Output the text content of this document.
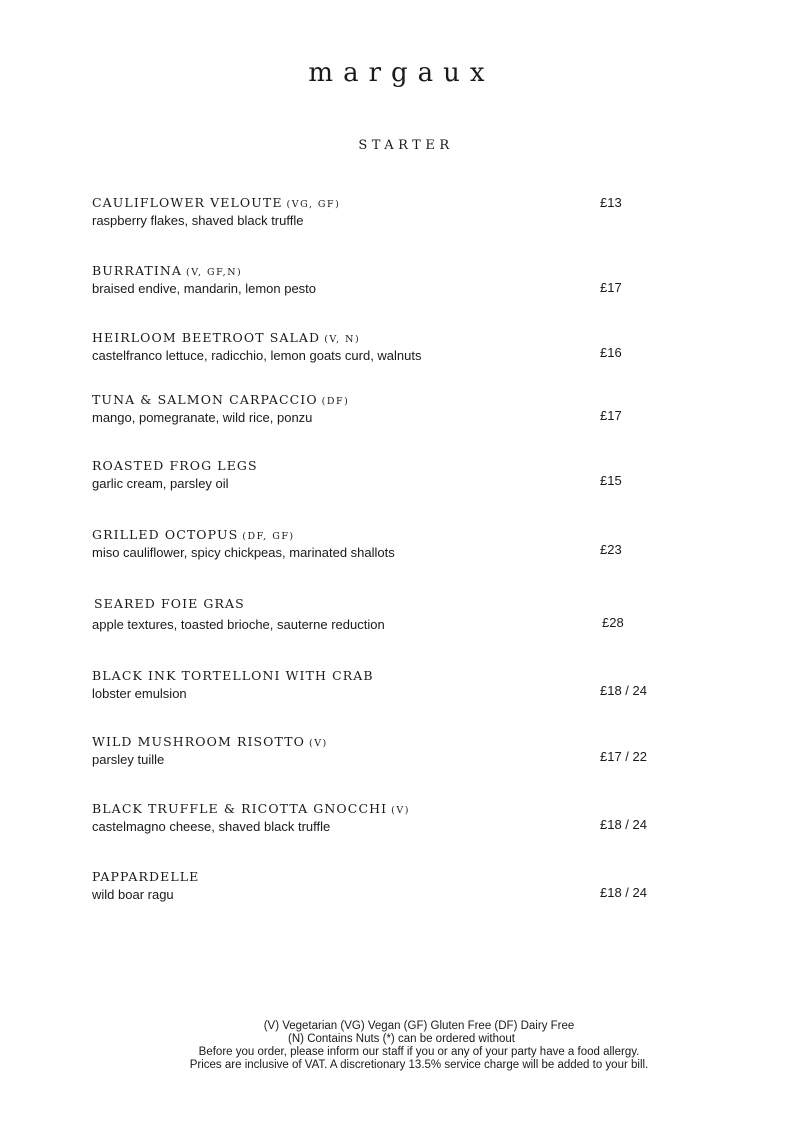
margaux
STARTER
CAULIFLOWER VELOUTE (VG, GF)
raspberry flakes, shaved black truffle
£13
BURRATINA (V, GF,N)
braised endive, mandarin, lemon pesto	£17
HEIRLOOM BEETROOT SALAD (V, N)
castelfranco lettuce, radicchio, lemon goats curd, walnuts	£16
TUNA & SALMON CARPACCIO (DF)
mango, pomegranate, wild rice, ponzu	£17
ROASTED FROG LEGS
garlic cream, parsley oil	£15
GRILLED OCTOPUS (DF, GF)
miso cauliflower, spicy chickpeas, marinated shallots	£23
SEARED FOIE GRAS
apple textures, toasted brioche, sauterne reduction	£28
BLACK INK TORTELLONI WITH CRAB
lobster emulsion	£18 / 24
WILD MUSHROOM RISOTTO (V)
parsley tuille	£17 / 22
BLACK TRUFFLE & RICOTTA GNOCCHI (V)
castelmagno cheese, shaved black truffle	£18 / 24
PAPPARDELLE
wild boar ragu	£18 / 24
(V) Vegetarian (VG) Vegan (GF) Gluten Free (DF) Dairy Free
(N) Contains Nuts (*) can be ordered without
Before you order, please inform our staff if you or any of your party have a food allergy.
Prices are inclusive of VAT. A discretionary 13.5% service charge will be added to your bill.
